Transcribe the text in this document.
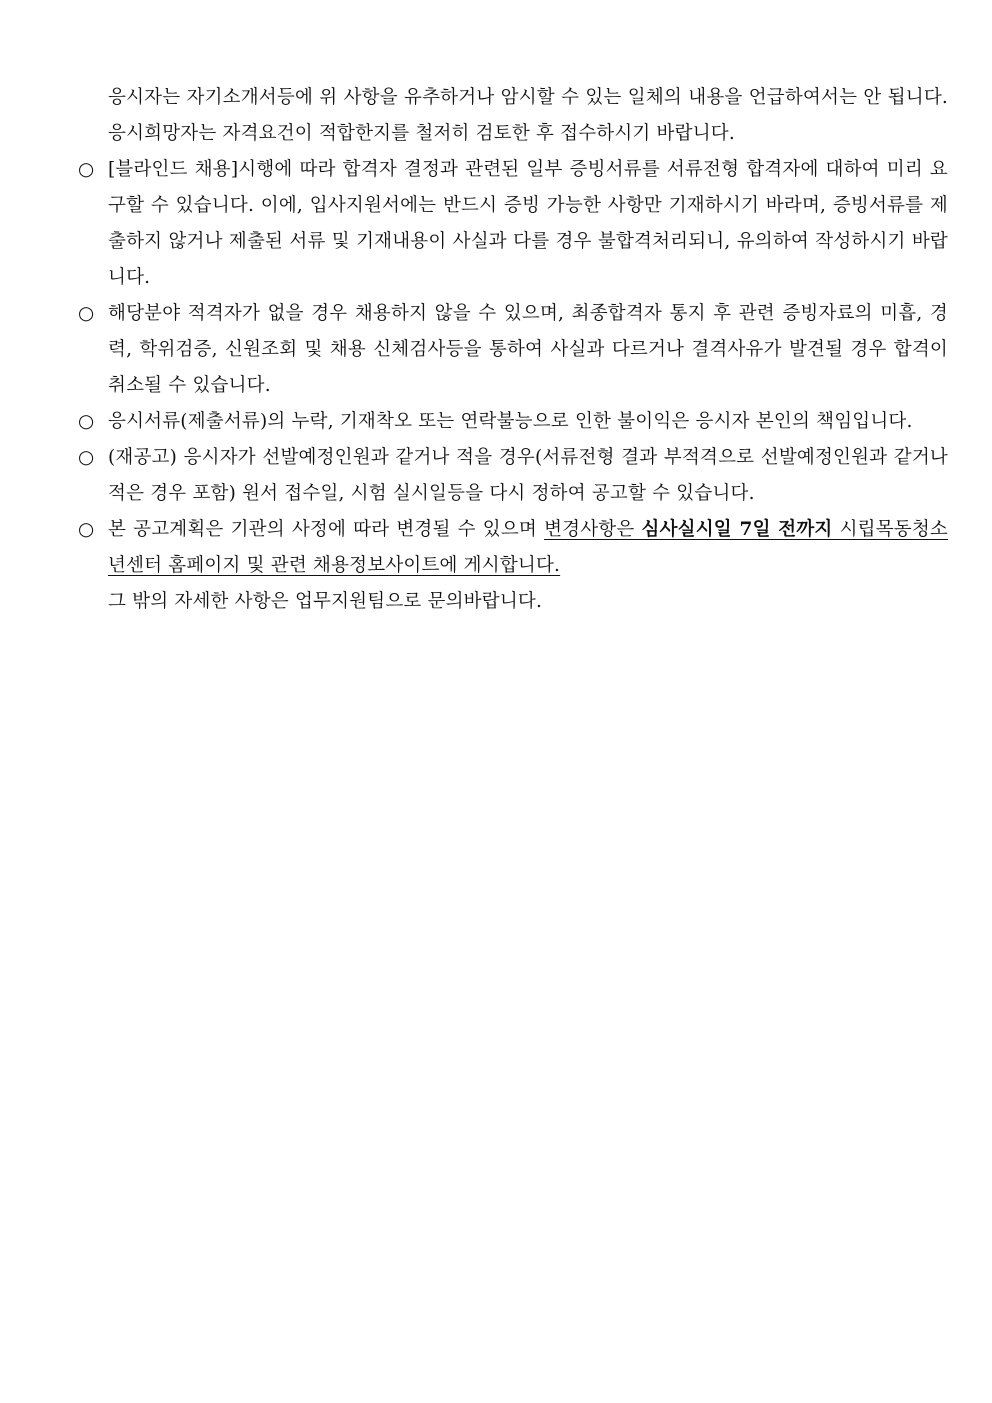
응시자는 자기소개서등에 위 사항을 유추하거나 암시할 수 있는 일체의 내용을 언급하여서는 안 됩니다. 응시희망자는 자격요건이 적합한지를 철저히 검토한 후 접수하시기 바랍니다.

○ [블라인드 채용]시행에 따라 합격자 결정과 관련된 일부 증빙서류를 서류전형 합격자에 대하여 미리 요구할 수 있습니다. 이에, 입사지원서에는 반드시 증빙 가능한 사항만 기재하시기 바라며, 증빙서류를 제출하지 않거나 제출된 서류 및 기재내용이 사실과 다를 경우 불합격처리되니, 유의하여 작성하시기 바랍니다.

○ 해당분야 적격자가 없을 경우 채용하지 않을 수 있으며, 최종합격자 통지 후 관련 증빙자료의 미흡, 경력, 학위검증, 신원조회 및 채용 신체검사등을 통하여 사실과 다르거나 결격사유가 발견될 경우 합격이 취소될 수 있습니다.

○ 응시서류(제출서류)의 누락, 기재착오 또는 연락불능으로 인한 불이익은 응시자 본인의 책임입니다.

○ (재공고) 응시자가 선발예정인원과 같거나 적을 경우(서류전형 결과 부적격으로 선발예정인원과 같거나 적은 경우 포함) 원서 접수일, 시험 실시일등을 다시 정하여 공고할 수 있습니다.

○ 본 공고계획은 기관의 사정에 따라 변경될 수 있으며 변경사항은 심사실시일 7일 전까지 시립목동청소년센터 홈페이지 및 관련 채용정보사이트에 게시합니다.

그 밖의 자세한 사항은 업무지원팀으로 문의바랍니다.
